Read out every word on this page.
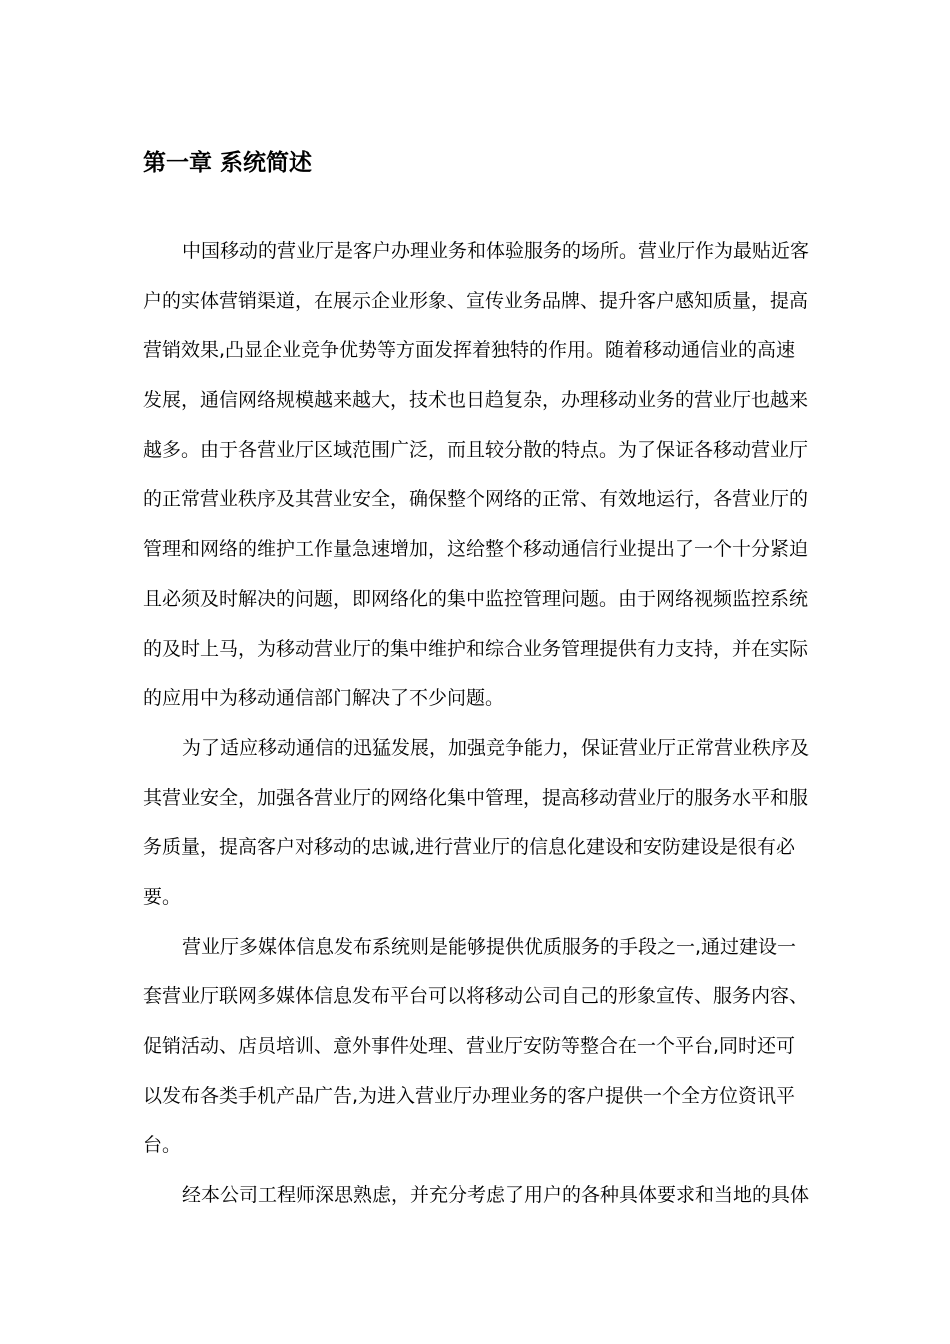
第一章 系统简述

中国移动的营业厅是客户办理业务和体验服务的场所。营业厅作为最贴近客
户的实体营销渠道，在展示企业形象、宣传业务品牌、提升客户感知质量，提高
营销效果,凸显企业竞争优势等方面发挥着独特的作用。随着移动通信业的高速
发展，通信网络规模越来越大，技术也日趋复杂，办理移动业务的营业厅也越来
越多。由于各营业厅区域范围广泛，而且较分散的特点。为了保证各移动营业厅
的正常营业秩序及其营业安全，确保整个网络的正常、有效地运行，各营业厅的
管理和网络的维护工作量急速增加，这给整个移动通信行业提出了一个十分紧迫
且必须及时解决的问题，即网络化的集中监控管理问题。由于网络视频监控系统
的及时上马，为移动营业厅的集中维护和综合业务管理提供有力支持，并在实际
的应用中为移动通信部门解决了不少问题。

为了适应移动通信的迅猛发展，加强竞争能力，保证营业厅正常营业秩序及
其营业安全，加强各营业厅的网络化集中管理，提高移动营业厅的服务水平和服
务质量，提高客户对移动的忠诚,进行营业厅的信息化建设和安防建设是很有必
要。

营业厅多媒体信息发布系统则是能够提供优质服务的手段之一,通过建设一
套营业厅联网多媒体信息发布平台可以将移动公司自己的形象宣传、服务内容、
促销活动、店员培训、意外事件处理、营业厅安防等整合在一个平台,同时还可
以发布各类手机产品广告,为进入营业厅办理业务的客户提供一个全方位资讯平
台。

经本公司工程师深思熟虑，并充分考虑了用户的各种具体要求和当地的具体
